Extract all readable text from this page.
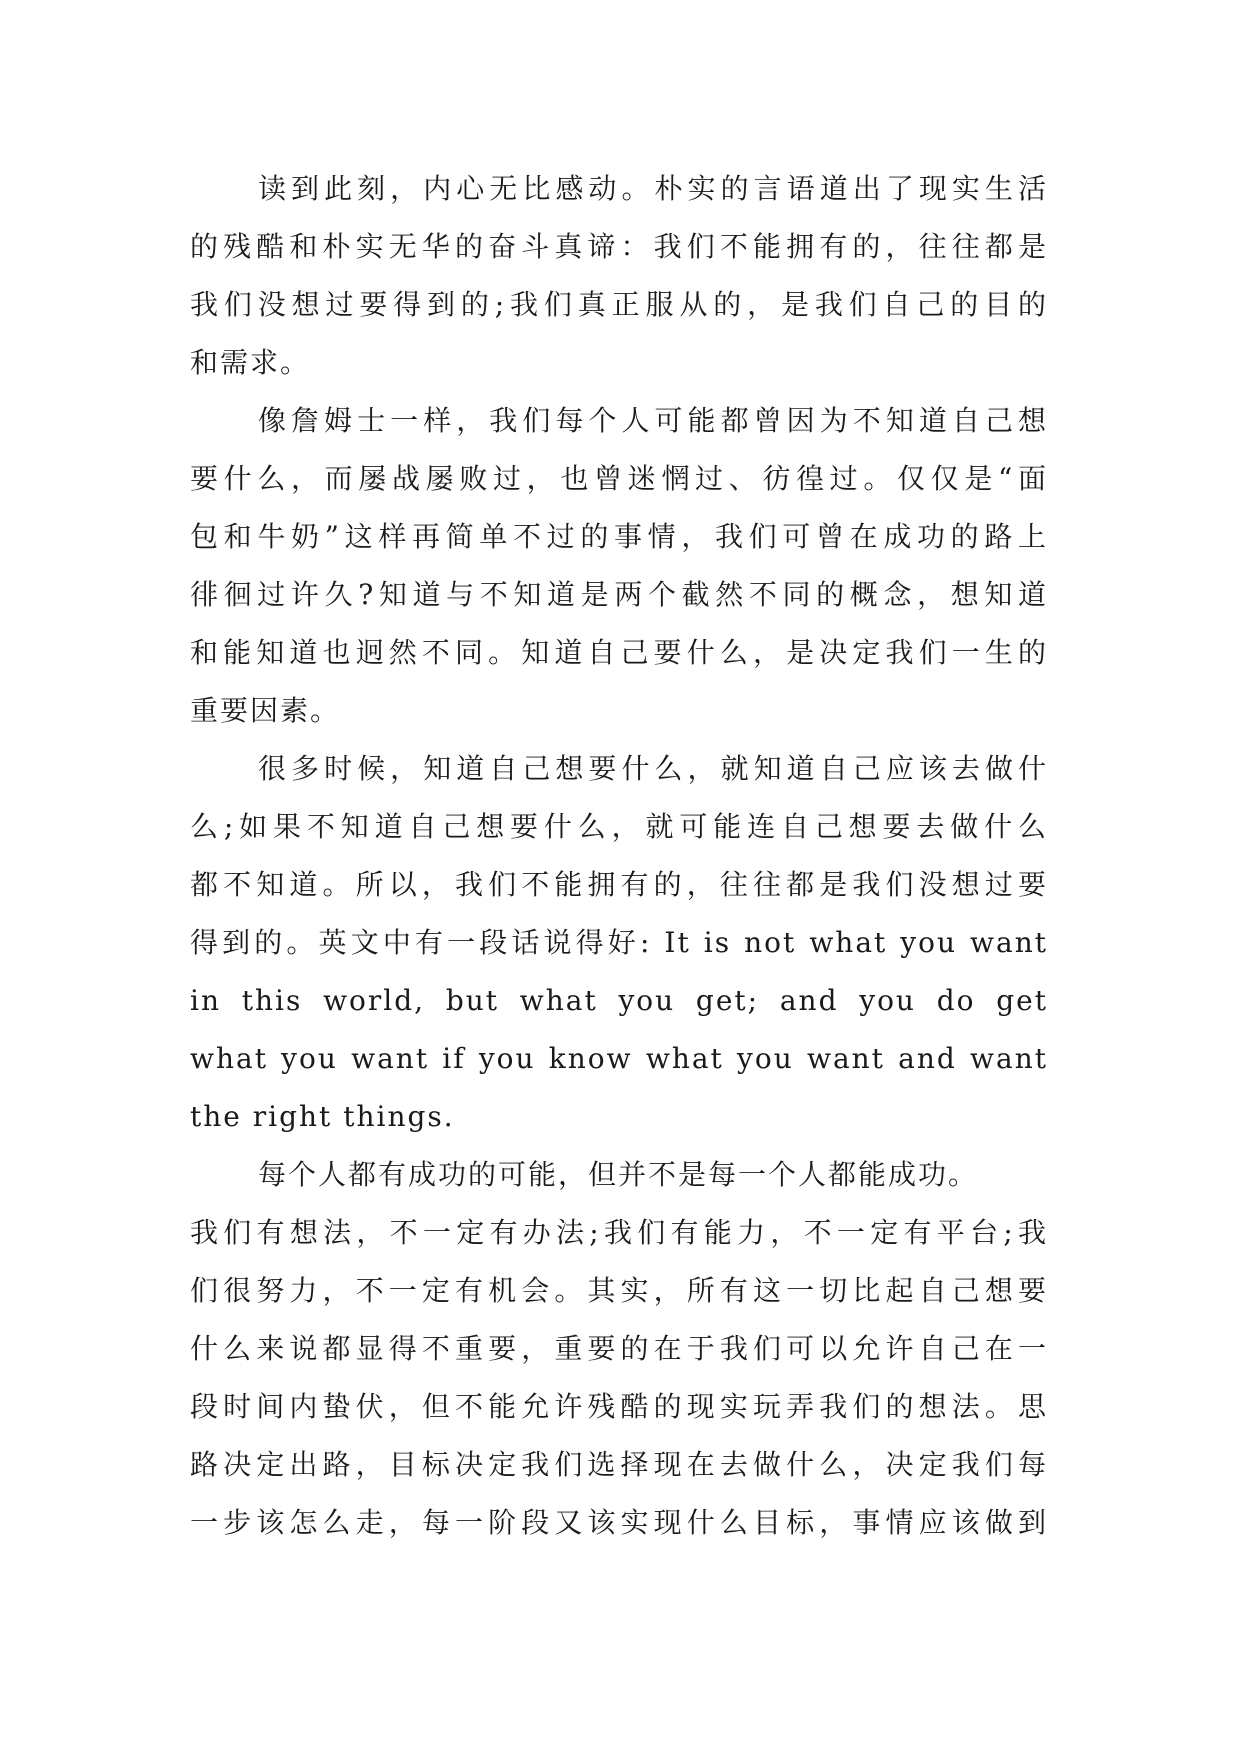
读到此刻，内心无比感动。朴实的言语道出了现实生活
的残酷和朴实无华的奋斗真谛：我们不能拥有的，往往都是
我们没想过要得到的;我们真正服从的，是我们自己的目的
和需求。
像詹姆士一样，我们每个人可能都曾因为不知道自己想
要什么，而屡战屡败过，也曾迷惘过、彷徨过。仅仅是“面
包和牛奶”这样再简单不过的事情，我们可曾在成功的路上
徘徊过许久?知道与不知道是两个截然不同的概念，想知道
和能知道也迥然不同。知道自己要什么，是决定我们一生的
重要因素。
很多时候，知道自己想要什么，就知道自己应该去做什
么;如果不知道自己想要什么，就可能连自己想要去做什么
都不知道。所以，我们不能拥有的，往往都是我们没想过要
得到的。英文中有一段话说得好: It is not what you want
in this world, but what you get; and you do get
what you want if you know what you want and want
the right things.
每个人都有成功的可能，但并不是每一个人都能成功。
我们有想法，不一定有办法;我们有能力，不一定有平台;我
们很努力，不一定有机会。其实，所有这一切比起自己想要
什么来说都显得不重要，重要的在于我们可以允许自己在一
段时间内蛰伏，但不能允许残酷的现实玩弄我们的想法。思
路决定出路，目标决定我们选择现在去做什么，决定我们每
一步该怎么走，每一阶段又该实现什么目标，事情应该做到
